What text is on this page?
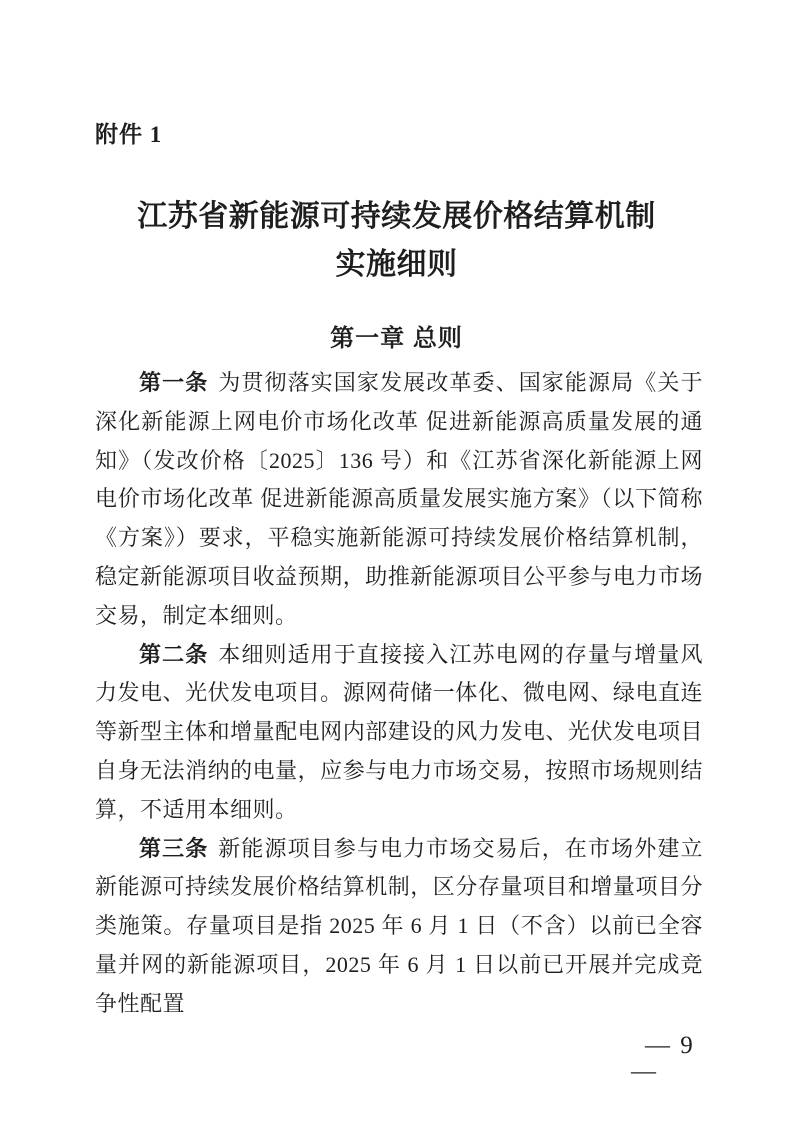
附件 1
江苏省新能源可持续发展价格结算机制
实施细则
第一章 总则

第一条 为贯彻落实国家发展改革委、国家能源局《关于深化新能源上网电价市场化改革 促进新能源高质量发展的通知》（发改价格〔2025〕136 号）和《江苏省深化新能源上网电价市场化改革 促进新能源高质量发展实施方案》（以下简称《方案》）要求，平稳实施新能源可持续发展价格结算机制，稳定新能源项目收益预期，助推新能源项目公平参与电力市场交易，制定本细则。

第二条 本细则适用于直接接入江苏电网的存量与增量风力发电、光伏发电项目。源网荷储一体化、微电网、绿电直连等新型主体和增量配电网内部建设的风力发电、光伏发电项目自身无法消纳的电量，应参与电力市场交易，按照市场规则结算，不适用本细则。

第三条 新能源项目参与电力市场交易后，在市场外建立新能源可持续发展价格结算机制，区分存量项目和增量项目分类施策。存量项目是指 2025 年 6 月 1 日（不含）以前已全容量并网的新能源项目，2025 年 6 月 1 日以前已开展并完成竞争性配置

— 9
—
